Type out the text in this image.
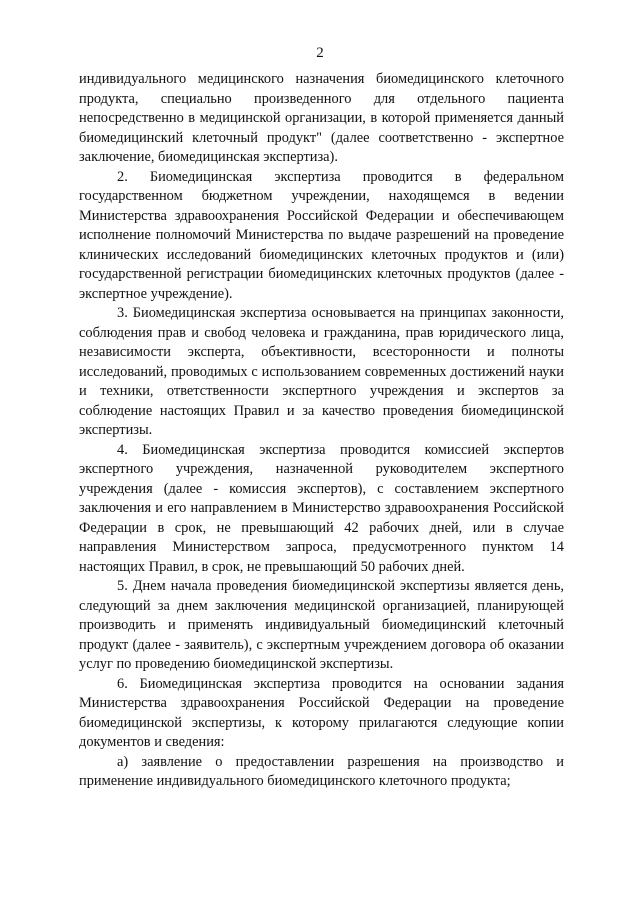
2

индивидуального медицинского назначения биомедицинского клеточного продукта, специально произведенного для отдельного пациента непосредственно в медицинской организации, в которой применяется данный биомедицинский клеточный продукт" (далее соответственно - экспертное заключение, биомедицинская экспертиза).

2. Биомедицинская экспертиза проводится в федеральном государственном бюджетном учреждении, находящемся в ведении Министерства здравоохранения Российской Федерации и обеспечивающем исполнение полномочий Министерства по выдаче разрешений на проведение клинических исследований биомедицинских клеточных продуктов и (или) государственной регистрации биомедицинских клеточных продуктов (далее - экспертное учреждение).

3. Биомедицинская экспертиза основывается на принципах законности, соблюдения прав и свобод человека и гражданина, прав юридического лица, независимости эксперта, объективности, всесторонности и полноты исследований, проводимых с использованием современных достижений науки и техники, ответственности экспертного учреждения и экспертов за соблюдение настоящих Правил и за качество проведения биомедицинской экспертизы.

4. Биомедицинская экспертиза проводится комиссией экспертов экспертного учреждения, назначенной руководителем экспертного учреждения (далее - комиссия экспертов), с составлением экспертного заключения и его направлением в Министерство здравоохранения Российской Федерации в срок, не превышающий 42 рабочих дней, или в случае направления Министерством запроса, предусмотренного пунктом 14 настоящих Правил, в срок, не превышающий 50 рабочих дней.

5. Днем начала проведения биомедицинской экспертизы является день, следующий за днем заключения медицинской организацией, планирующей производить и применять индивидуальный биомедицинский клеточный продукт (далее - заявитель), с экспертным учреждением договора об оказании услуг по проведению биомедицинской экспертизы.

6. Биомедицинская экспертиза проводится на основании задания Министерства здравоохранения Российской Федерации на проведение биомедицинской экспертизы, к которому прилагаются следующие копии документов и сведения:

а) заявление о предоставлении разрешения на производство и применение индивидуального биомедицинского клеточного продукта;
